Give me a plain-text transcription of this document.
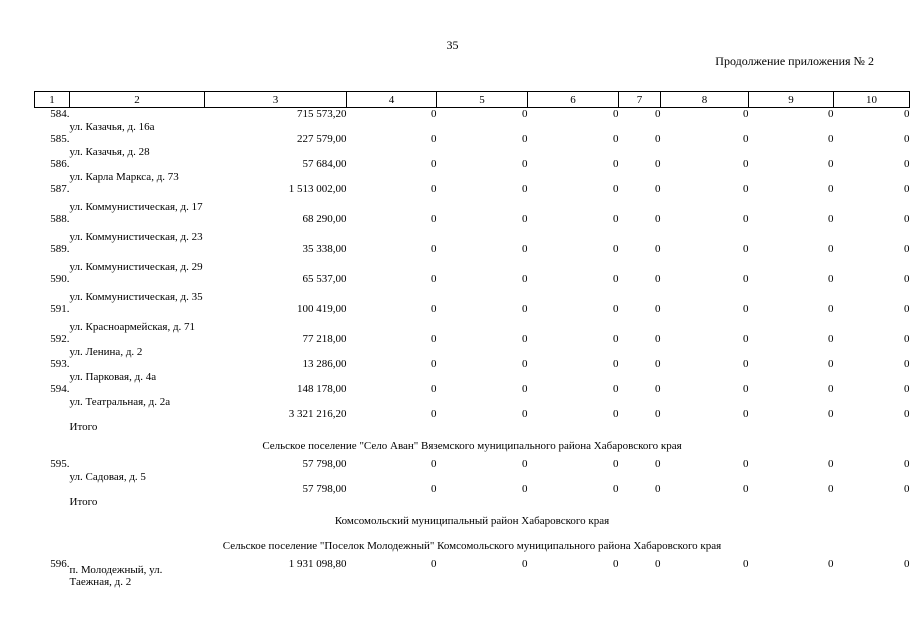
35
Продолжение приложения № 2
1	2	3	4	5	6	7	8	9	10
584.	ул. Казачья, д. 16а	715 573,20	0	0	0	0	0	0	0
585.	ул. Казачья, д. 28	227 579,00	0	0	0	0	0	0	0
586.	ул. Карла Маркса, д. 73	57 684,00	0	0	0	0	0	0	0
587.	ул. Коммунистическая, д. 17	1 513 002,00	0	0	0	0	0	0	0
588.	ул. Коммунистическая, д. 23	68 290,00	0	0	0	0	0	0	0
589.	ул. Коммунистическая, д. 29	35 338,00	0	0	0	0	0	0	0
590.	ул. Коммунистическая, д. 35	65 537,00	0	0	0	0	0	0	0
591.	ул. Красноармейская, д. 71	100 419,00	0	0	0	0	0	0	0
592.	ул. Ленина, д. 2	77 218,00	0	0	0	0	0	0	0
593.	ул. Парковая, д. 4а	13 286,00	0	0	0	0	0	0	0
594.	ул. Театральная, д. 2а	148 178,00	0	0	0	0	0	0	0
	Итого	3 321 216,20	0	0	0	0	0	0	0
Сельское поселение "Село Аван" Вяземского муниципального района Хабаровского края									
595.	ул. Садовая, д. 5	57 798,00	0	0	0	0	0	0	0
	Итого	57 798,00	0	0	0	0	0	0	0
Комсомольский муниципальный район Хабаровского края									
Сельское поселение "Поселок Молодежный" Комсомольского муниципального района Хабаровского края									
596.	п. Молодежный, ул. Таежная, д. 2	1 931 098,80	0	0	0	0	0	0	0
